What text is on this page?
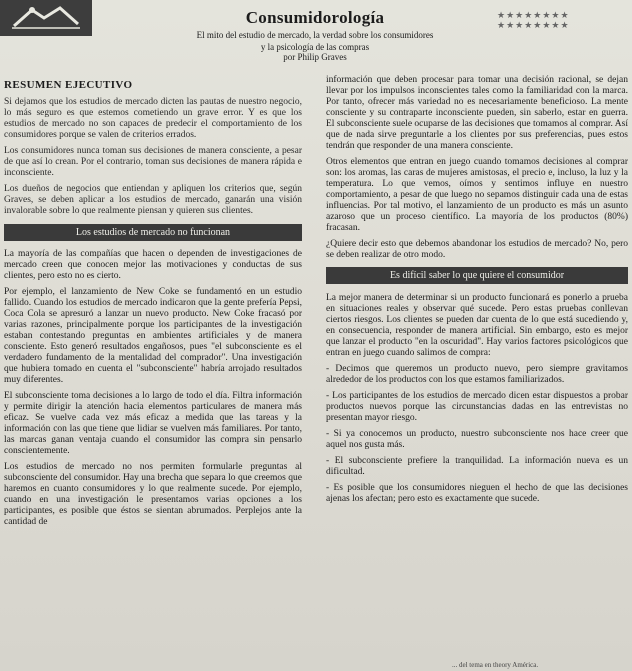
Consumidorología
El mito del estudio de mercado, la verdad sobre los consumidores
y la psicología de las compras
por Philip Graves

★★★★★★★★
★★★★★★★★
RESUMEN EJECUTIVO

Si dejamos que los estudios de mercado dicten las pautas de nuestro negocio, lo más seguro es que estemos cometiendo un grave error. Y es que los estudios de mercado no son capaces de predecir el comportamiento de los consumidores porque se valen de criterios errados.

Los consumidores nunca toman sus decisiones de manera consciente, a pesar de que así lo crean. Por el contrario, toman sus decisiones de manera rápida e inconsciente.

Los dueños de negocios que entiendan y apliquen los criterios que, según Graves, se deben aplicar a los estudios de mercado, ganarán una visión invalorable sobre lo que realmente piensan y quieren sus clientes.

Los estudios de mercado no funcionan

La mayoría de las compañías que hacen o dependen de investigaciones de mercado creen que conocen mejor las motivaciones y conductas de sus clientes, pero esto no es cierto.

Por ejemplo, el lanzamiento de New Coke se fundamentó en un estudio fallido. Cuando los estudios de mercado indicaron que la gente prefería Pepsi, Coca Cola se apresuró a lanzar un nuevo producto. New Coke fracasó por varias razones, principalmente porque los participantes de la investigación estaban contestando preguntas en ambientes artificiales y de manera consciente. Esto generó resultados engañosos, pues "el subconsciente es el verdadero fundamento de la mentalidad del comprador". Una investigación que hubiera tomado en cuenta el "subconsciente" habría arrojado resultados muy diferentes.

El subconsciente toma decisiones a lo largo de todo el día. Filtra información y permite dirigir la atención hacia elementos particulares de manera más eficaz. Se vuelve cada vez más eficaz a medida que las tareas y la información con las que tiene que lidiar se vuelven más familiares. Por tanto, las marcas ganan ventaja cuando el consumidor las compra sin pensarlo conscientemente.

Los estudios de mercado no nos permiten formularle preguntas al subconsciente del consumidor. Hay una brecha que separa lo que creemos que haremos en cuanto consumidores y lo que realmente sucede. Por ejemplo, cuando en una investigación le presentamos varias opciones a los participantes, es posible que éstos se sientan abrumados. Perplejos ante la cantidad de

información que deben procesar para tomar una decisión racional, se dejan llevar por los impulsos inconscientes tales como la familiaridad con la marca. Por tanto, ofrecer más variedad no es necesariamente beneficioso. La mente consciente y su contraparte inconsciente pueden, sin saberlo, estar en guerra. El subconsciente suele ocuparse de las decisiones que tomamos al comprar. Así que de nada sirve preguntarle a los clientes por sus preferencias, pues estos tendrán que responder de una manera consciente.

Otros elementos que entran en juego cuando tomamos decisiones al comprar son: los aromas, las caras de mujeres amistosas, el precio e, incluso, la luz y la temperatura. Lo que vemos, oímos y sentimos influye en nuestro comportamiento, a pesar de que luego no sepamos distinguir cada una de estas influencias. Por tal motivo, el lanzamiento de un producto es más un asunto azaroso que un proceso científico. La mayoría de los productos (80%) fracasan.

¿Quiere decir esto que debemos abandonar los estudios de mercado? No, pero se deben realizar de otro modo.

Es difícil saber lo que quiere el consumidor

La mejor manera de determinar si un producto funcionará es ponerlo a prueba en situaciones reales y observar qué sucede. Pero estas pruebas conllevan ciertos riesgos. Los clientes se pueden dar cuenta de lo que está sucediendo y, en consecuencia, responder de manera artificial. Sin embargo, esto es mejor que lanzar el producto "en la oscuridad". Hay varios factores psicológicos que entran en juego cuando salimos de compra:

- Decimos que queremos un producto nuevo, pero siempre gravitamos alrededor de los productos con los que estamos familiarizados.

- Los participantes de los estudios de mercado dicen estar dispuestos a probar productos nuevos porque las circunstancias dadas en las entrevistas no presentan mayor riesgo.

- Si ya conocemos un producto, nuestro subconsciente nos hace creer que aquel nos gusta más.

- El subconsciente prefiere la tranquilidad. La información nueva es un dificultad.

- Es posible que los consumidores nieguen el hecho de que las decisiones ajenas los afectan; pero esto es exactamente que sucede.

... del tema en theory América.
